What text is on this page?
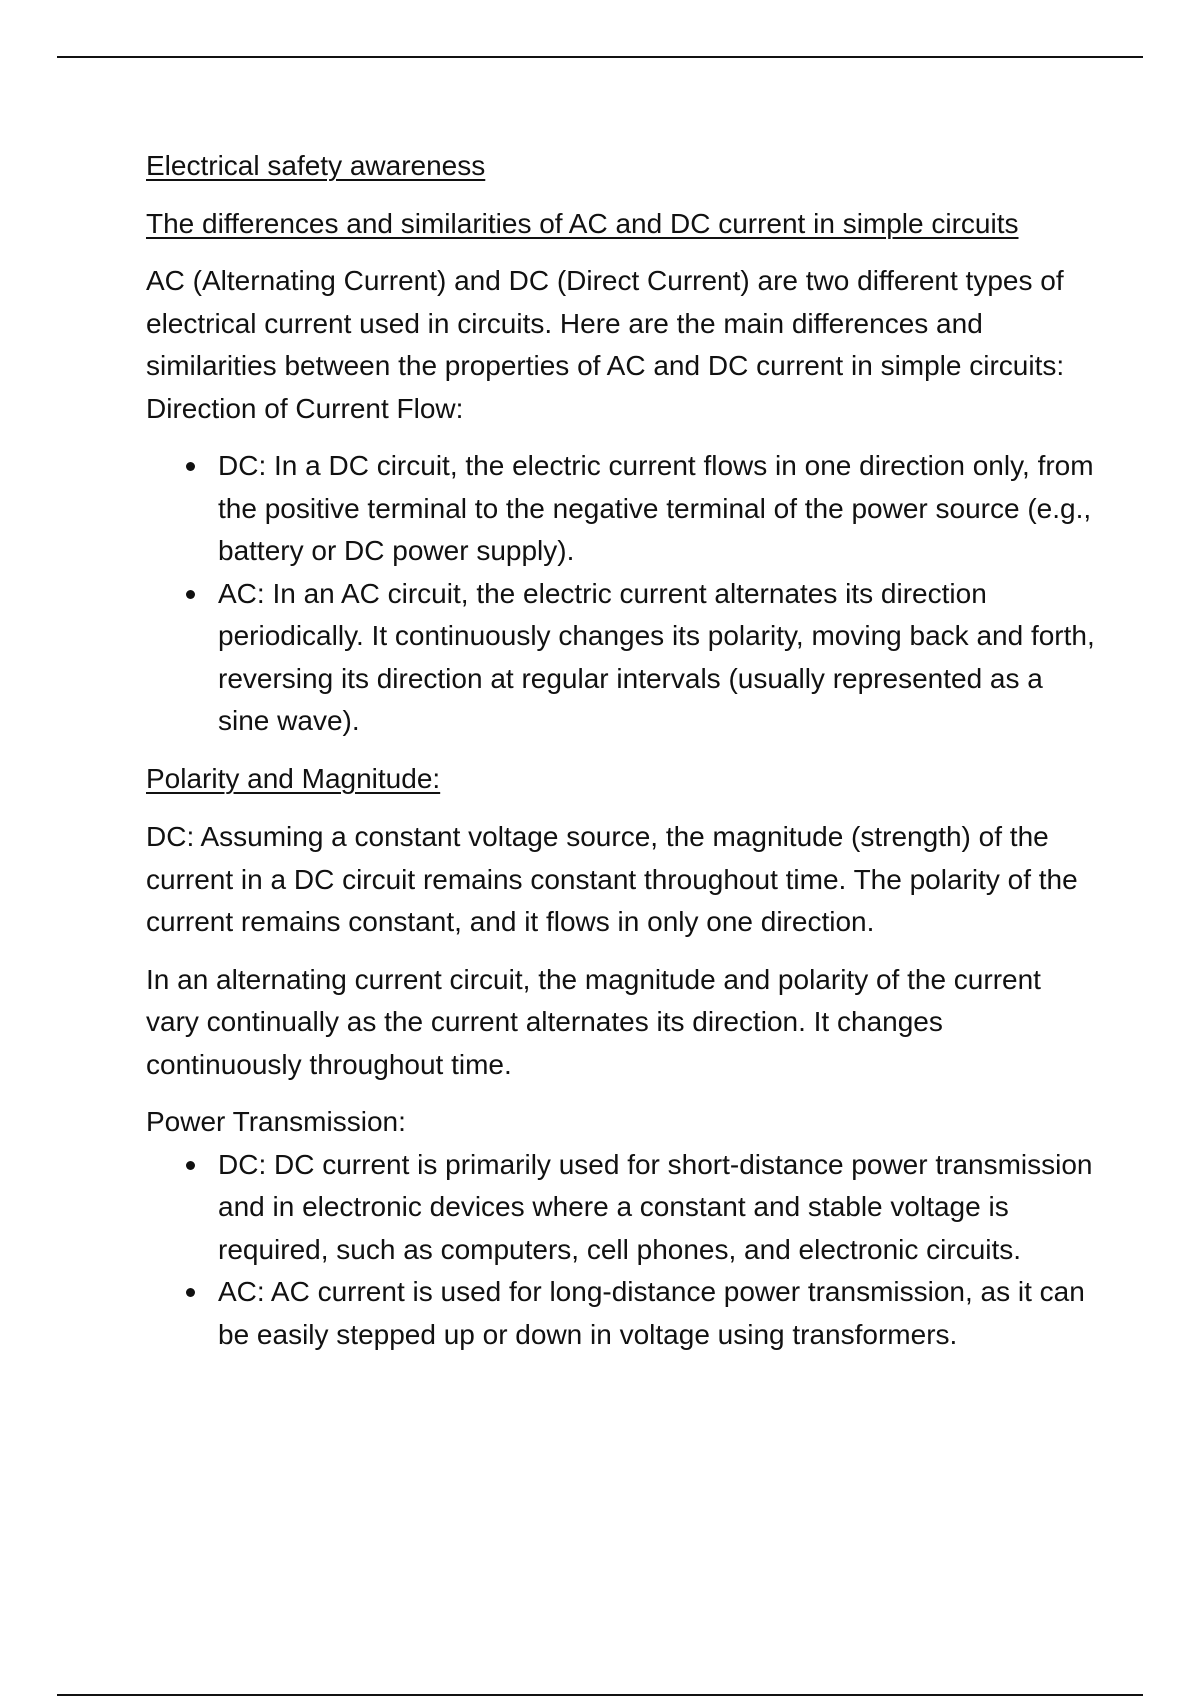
Electrical safety awareness

The differences and similarities of AC and DC current in simple circuits

AC (Alternating Current) and DC (Direct Current) are two different types of electrical current used in circuits. Here are the main differences and similarities between the properties of AC and DC current in simple circuits: Direction of Current Flow:

DC: In a DC circuit, the electric current flows in one direction only, from the positive terminal to the negative terminal of the power source (e.g., battery or DC power supply).
AC: In an AC circuit, the electric current alternates its direction periodically. It continuously changes its polarity, moving back and forth, reversing its direction at regular intervals (usually represented as a sine wave).

Polarity and Magnitude:

DC: Assuming a constant voltage source, the magnitude (strength) of the current in a DC circuit remains constant throughout time. The polarity of the current remains constant, and it flows in only one direction.

In an alternating current circuit, the magnitude and polarity of the current vary continually as the current alternates its direction. It changes continuously throughout time.

Power Transmission:

DC: DC current is primarily used for short-distance power transmission and in electronic devices where a constant and stable voltage is required, such as computers, cell phones, and electronic circuits.
AC: AC current is used for long-distance power transmission, as it can be easily stepped up or down in voltage using transformers.
